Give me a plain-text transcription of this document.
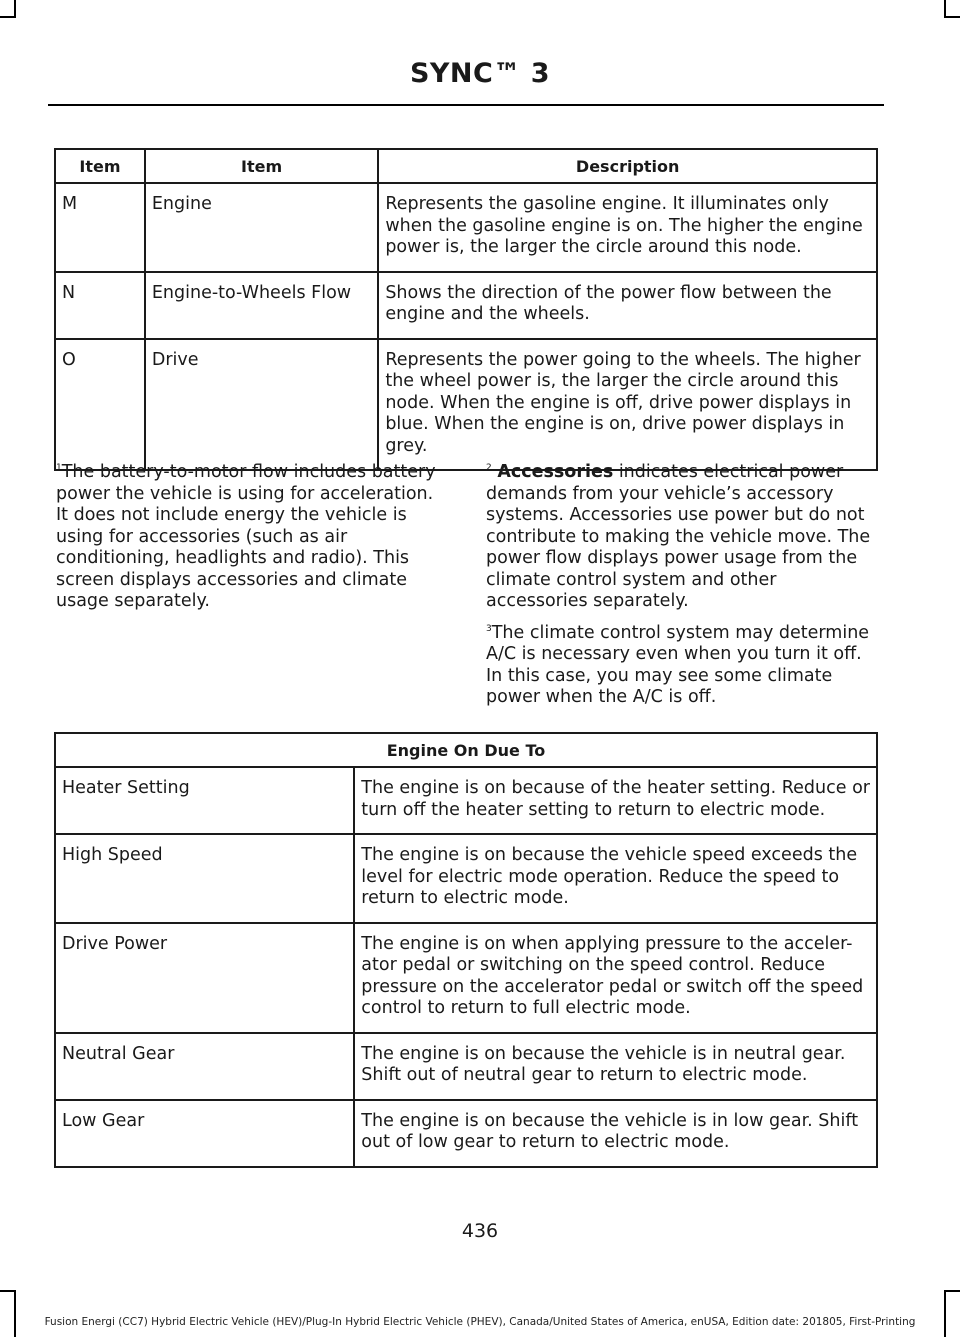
SYNC™ 3
Item	Item	Description
M	Engine	Represents the gasoline engine. It illuminates only when the gasoline engine is on. The higher the engine power is, the larger the circle around this node.
N	Engine-to-Wheels Flow	Shows the direction of the power flow between the engine and the wheels.
O	Drive	Represents the power going to the wheels. The higher the wheel power is, the larger the circle around this node. When the engine is off, drive power displays in blue. When the engine is on, drive power displays in grey.

$^1$The battery-to-motor flow includes battery power the vehicle is using for acceleration. It does not include energy the vehicle is using for accessories (such as air conditioning, headlights and radio). This screen displays accessories and climate usage separately.

$^2$ Accessories indicates electrical power demands from your vehicle’s accessory systems. Accessories use power but do not contribute to making the vehicle move. The power flow displays power usage from the climate control system and other accessories separately.

$^3$The climate control system may determine A/C is necessary even when you turn it off. In this case, you may see some climate power when the A/C is off.

Engine On Due To	
Heater Setting	The engine is on because of the heater setting. Reduce or turn off the heater setting to return to electric mode.
High Speed	The engine is on because the vehicle speed exceeds the level for electric mode operation. Reduce the speed to return to electric mode.
Drive Power	The engine is on when applying pressure to the acceler-ator pedal or switching on the speed control. Reduce pressure on the accelerator pedal or switch off the speed control to return to full electric mode.
Neutral Gear	The engine is on because the vehicle is in neutral gear. Shift out of neutral gear to return to electric mode.
Low Gear	The engine is on because the vehicle is in low gear. Shift out of low gear to return to electric mode.
436
Fusion Energi (CC7) Hybrid Electric Vehicle (HEV)/Plug-In Hybrid Electric Vehicle (PHEV), Canada/United States of America, enUSA, Edition date: 201805, First-Printing
